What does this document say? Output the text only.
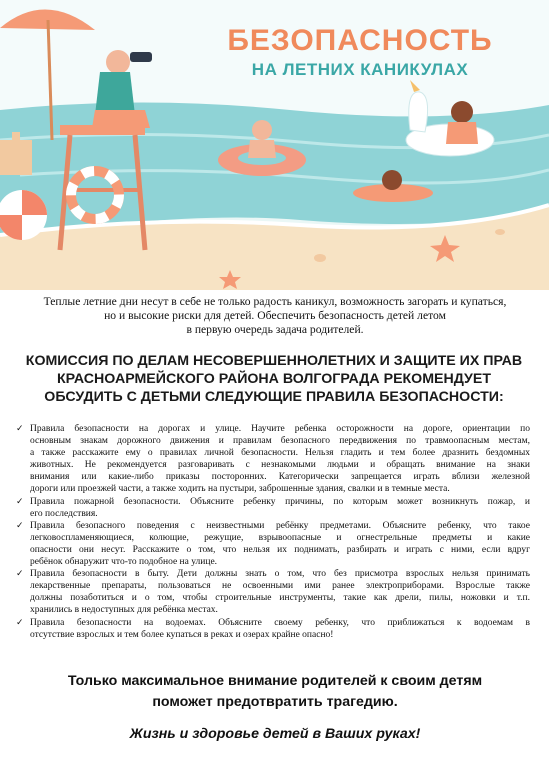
БЕЗОПАСНОСТЬ
НА ЛЕТНИХ КАНИКУЛАХ
Теплые летние дни несут в себе не только радость каникул, возможность загорать и купаться,
но и высокие риски для детей. Обеспечить безопасность детей летом
в первую очередь задача родителей.
КОМИССИЯ ПО ДЕЛАМ НЕСОВЕРШЕННОЛЕТНИХ И ЗАЩИТЕ ИХ ПРАВ
КРАСНОАРМЕЙСКОГО РАЙОНА ВОЛГОГРАДА РЕКОМЕНДУЕТ
ОБСУДИТЬ С ДЕТЬМИ СЛЕДУЮЩИЕ ПРАВИЛА БЕЗОПАСНОСТИ:
✓ Правила безопасности на дорогах и улице. Научите ребенка осторожности на дороге, ориентации по
основным знакам дорожного движения и правилам безопасного передвижения по травмоопасным местам,
а также расскажите ему о правилах личной безопасности. Нельзя гладить и тем более дразнить бездомных
животных. Не рекомендуется разговаривать с незнакомыми людьми и обращать внимание на знаки
внимания или какие-либо приказы посторонних. Категорически запрещается играть вблизи железной
дороги или проезжей части, а также ходить на пустыри, заброшенные здания, свалки и в темные места.
✓ Правила пожарной безопасности. Объясните ребенку причины, по которым может возникнуть пожар, и
его последствия.
✓ Правила безопасного поведения с неизвестными ребёнку предметами. Объясните ребенку, что такое
легковоспламеняющиеся, колющие, режущие, взрывоопасные и огнестрельные предметы и какие
опасности они несут. Расскажите о том, что нельзя их поднимать, разбирать и играть с ними, если вдруг
ребёнок обнаружит что-то подобное на улице.
✓ Правила безопасности в быту. Дети должны знать о том, что без присмотра взрослых нельзя принимать
лекарственные препараты, пользоваться не освоенными ими ранее электроприборами. Взрослые также
должны позаботиться и о том, чтобы строительные инструменты, такие как дрели, пилы, ножовки и т.п.
хранились в недоступных для ребёнка местах.
✓ Правила безопасности на водоемах. Объясните своему ребенку, что приближаться к водоемам в
отсутствие взрослых и тем более купаться в реках и озерах крайне опасно!
Только максимальное внимание родителей к своим детям
поможет предотвратить трагедию.
Жизнь и здоровье детей в Ваших руках!
